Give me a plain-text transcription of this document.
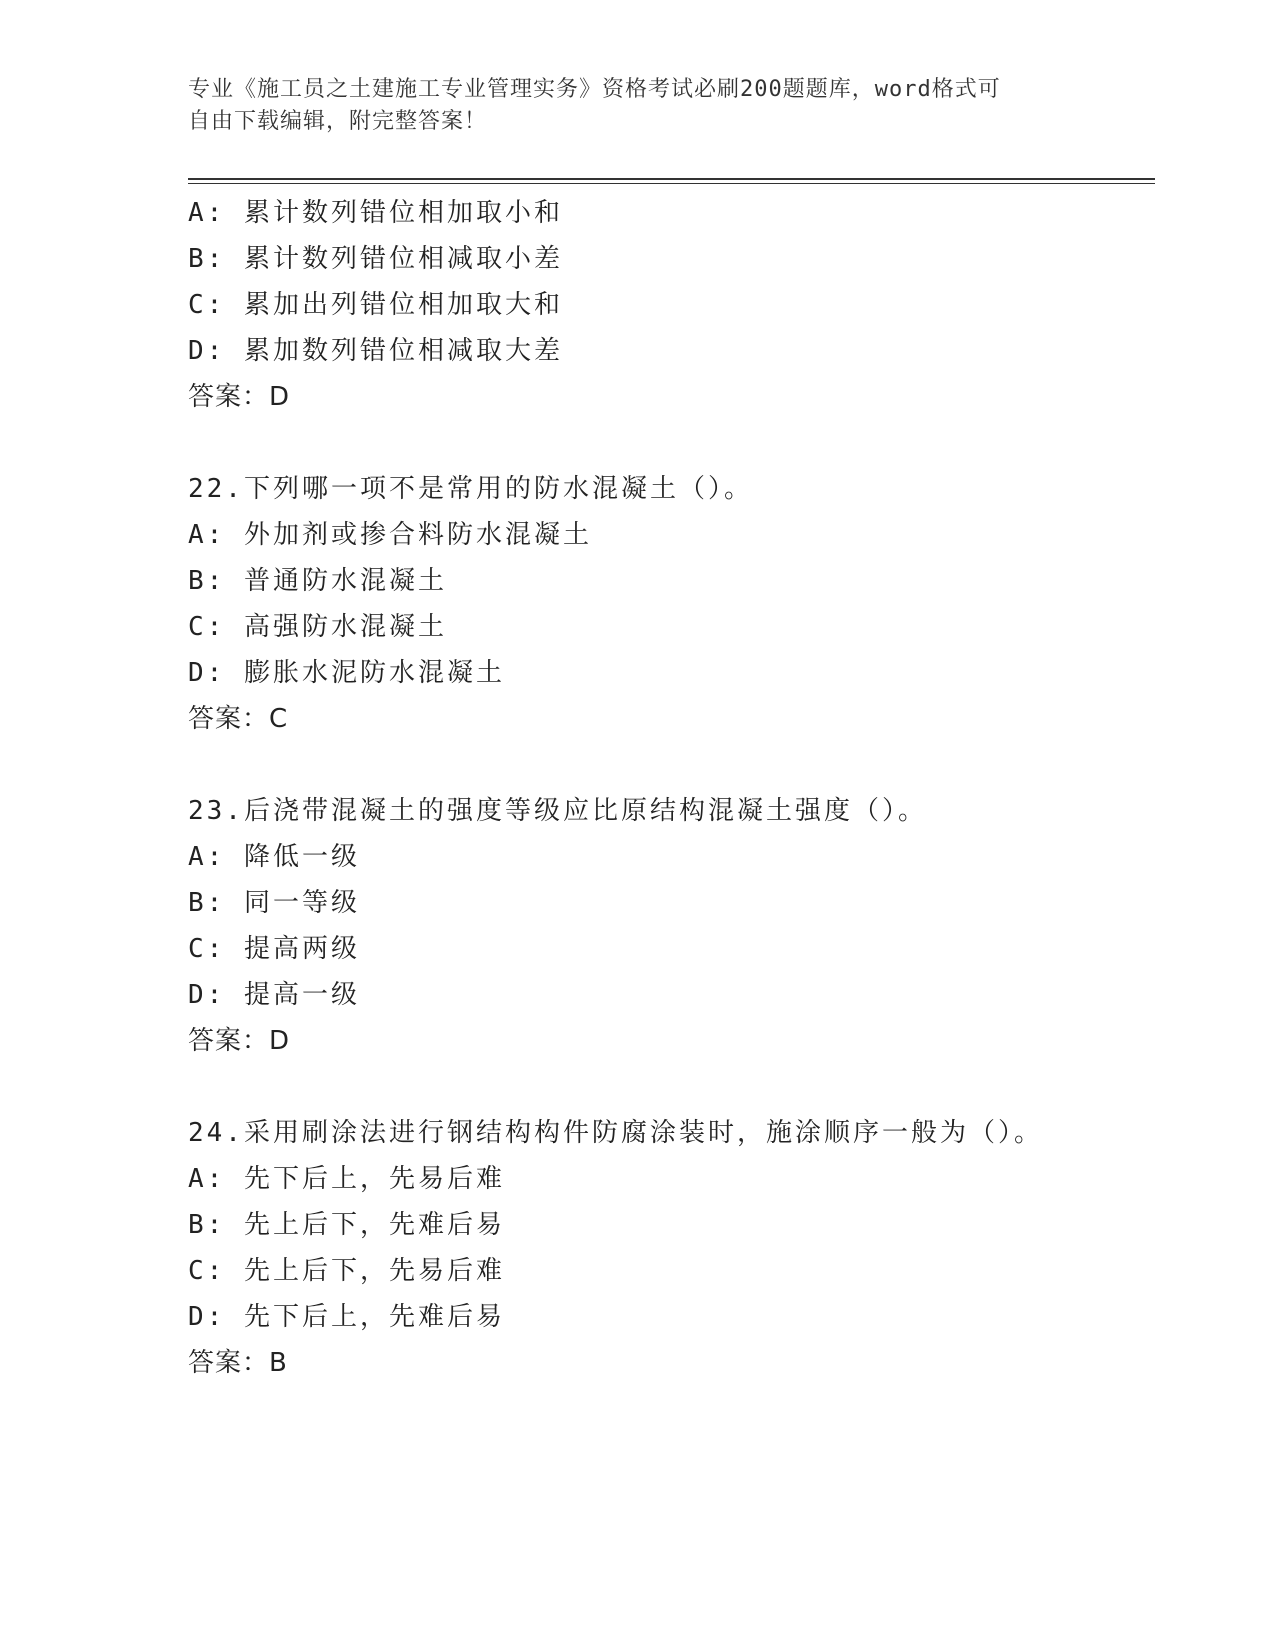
专业《施工员之土建施工专业管理实务》资格考试必刷200题题库，word格式可
自由下载编辑，附完整答案！
A: 累计数列错位相加取小和
B: 累计数列错位相减取小差
C: 累加出列错位相加取大和
D: 累加数列错位相减取大差
答案：D
22.下列哪一项不是常用的防水混凝土（）。
A: 外加剂或掺合料防水混凝土
B: 普通防水混凝土
C: 高强防水混凝土
D: 膨胀水泥防水混凝土
答案：C
23.后浇带混凝土的强度等级应比原结构混凝土强度（）。
A: 降低一级
B: 同一等级
C: 提高两级
D: 提高一级
答案：D
24.采用刷涂法进行钢结构构件防腐涂装时，施涂顺序一般为（）。
A: 先下后上，先易后难
B: 先上后下，先难后易
C: 先上后下，先易后难
D: 先下后上，先难后易
答案：B
